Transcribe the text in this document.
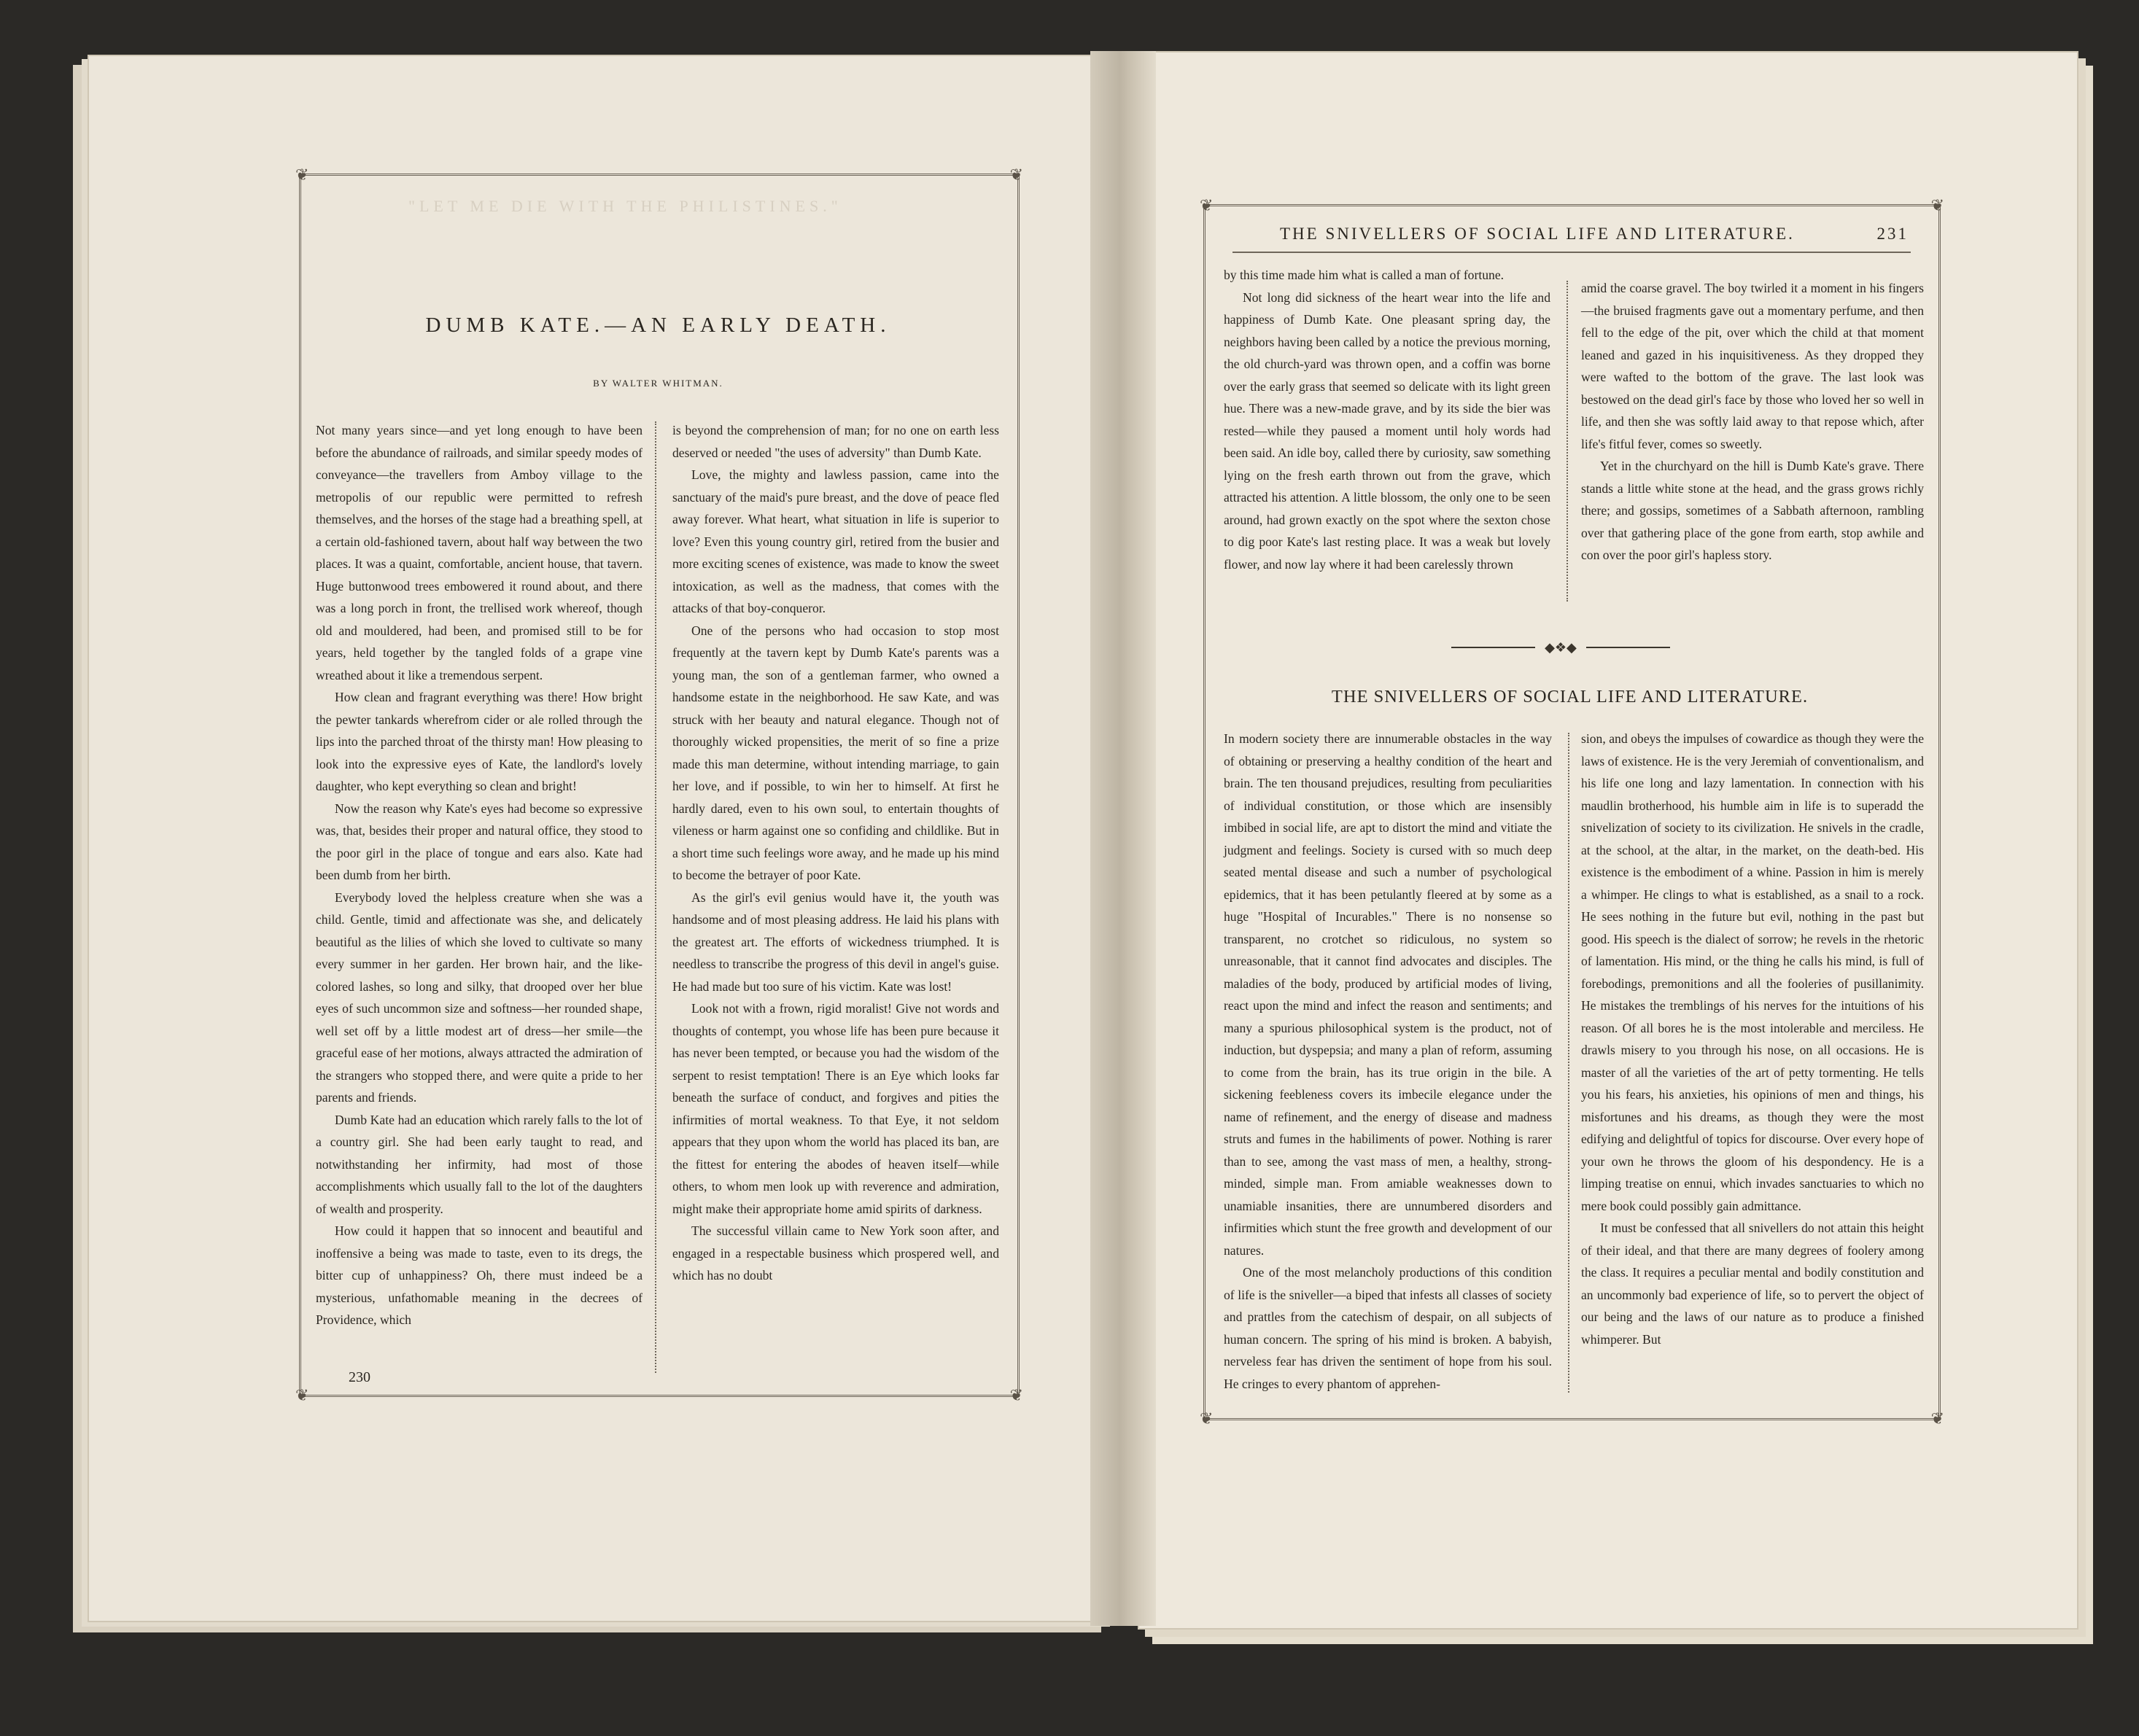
"LET ME DIE WITH THE PHILISTINES."
❦	❦
❦	❦
DUMB KATE.—AN EARLY DEATH.
BY WALTER WHITMAN.

Not many years since—and yet long enough to have been before the abundance of railroads, and similar speedy modes of conveyance—the travellers from Amboy village to the metropolis of our republic were permitted to refresh themselves, and the horses of the stage had a breathing spell, at a certain old-fashioned tavern, about half way between the two places. It was a quaint, comfortable, ancient house, that tavern. Huge buttonwood trees embowered it round about, and there was a long porch in front, the trellised work whereof, though old and mouldered, had been, and promised still to be for years, held together by the tangled folds of a grape vine wreathed about it like a tremendous serpent.

How clean and fragrant everything was there! How bright the pewter tankards wherefrom cider or ale rolled through the lips into the parched throat of the thirsty man! How pleasing to look into the expressive eyes of Kate, the landlord's lovely daughter, who kept everything so clean and bright!

Now the reason why Kate's eyes had become so expressive was, that, besides their proper and natural office, they stood to the poor girl in the place of tongue and ears also. Kate had been dumb from her birth.

Everybody loved the helpless creature when she was a child. Gentle, timid and affectionate was she, and delicately beautiful as the lilies of which she loved to cultivate so many every summer in her garden. Her brown hair, and the like-colored lashes, so long and silky, that drooped over her blue eyes of such uncommon size and softness—her rounded shape, well set off by a little modest art of dress—her smile—the graceful ease of her motions, always attracted the admiration of the strangers who stopped there, and were quite a pride to her parents and friends.

Dumb Kate had an education which rarely falls to the lot of a country girl. She had been early taught to read, and notwithstanding her infirmity, had most of those accomplishments which usually fall to the lot of the daughters of wealth and prosperity.

How could it happen that so innocent and beautiful and inoffensive a being was made to taste, even to its dregs, the bitter cup of unhappiness? Oh, there must indeed be a mysterious, unfathomable meaning in the decrees of Providence, which

is beyond the comprehension of man; for no one on earth less deserved or needed "the uses of adversity" than Dumb Kate.

Love, the mighty and lawless passion, came into the sanctuary of the maid's pure breast, and the dove of peace fled away forever. What heart, what situation in life is superior to love? Even this young country girl, retired from the busier and more exciting scenes of existence, was made to know the sweet intoxication, as well as the madness, that comes with the attacks of that boy-conqueror.

One of the persons who had occasion to stop most frequently at the tavern kept by Dumb Kate's parents was a young man, the son of a gentleman farmer, who owned a handsome estate in the neighborhood. He saw Kate, and was struck with her beauty and natural elegance. Though not of thoroughly wicked propensities, the merit of so fine a prize made this man determine, without intending marriage, to gain her love, and if possible, to win her to himself. At first he hardly dared, even to his own soul, to entertain thoughts of vileness or harm against one so confiding and childlike. But in a short time such feelings wore away, and he made up his mind to become the betrayer of poor Kate.

As the girl's evil genius would have it, the youth was handsome and of most pleasing address. He laid his plans with the greatest art. The efforts of wickedness triumphed. It is needless to transcribe the progress of this devil in angel's guise. He had made but too sure of his victim. Kate was lost!

Look not with a frown, rigid moralist! Give not words and thoughts of contempt, you whose life has been pure because it has never been tempted, or because you had the wisdom of the serpent to resist temptation! There is an Eye which looks far beneath the surface of conduct, and forgives and pities the infirmities of mortal weakness. To that Eye, it not seldom appears that they upon whom the world has placed its ban, are the fittest for entering the abodes of heaven itself—while others, to whom men look up with reverence and admiration, might make their appropriate home amid spirits of darkness.

The successful villain came to New York soon after, and engaged in a respectable business which prospered well, and which has no doubt

230
❦	❦
❦	❦
THE SNIVELLERS OF SOCIAL LIFE AND LITERATURE.	231

by this time made him what is called a man of fortune.

Not long did sickness of the heart wear into the life and happiness of Dumb Kate. One pleasant spring day, the neighbors having been called by a notice the previous morning, the old church-yard was thrown open, and a coffin was borne over the early grass that seemed so delicate with its light green hue. There was a new-made grave, and by its side the bier was rested—while they paused a moment until holy words had been said. An idle boy, called there by curiosity, saw something lying on the fresh earth thrown out from the grave, which attracted his attention. A little blossom, the only one to be seen around, had grown exactly on the spot where the sexton chose to dig poor Kate's last resting place. It was a weak but lovely flower, and now lay where it had been carelessly thrown

amid the coarse gravel. The boy twirled it a moment in his fingers—the bruised fragments gave out a momentary perfume, and then fell to the edge of the pit, over which the child at that moment leaned and gazed in his inquisitiveness. As they dropped they were wafted to the bottom of the grave. The last look was bestowed on the dead girl's face by those who loved her so well in life, and then she was softly laid away to that repose which, after life's fitful fever, comes so sweetly.

Yet in the churchyard on the hill is Dumb Kate's grave. There stands a little white stone at the head, and the grass grows richly there; and gossips, sometimes of a Sabbath afternoon, rambling over that gathering place of the gone from earth, stop awhile and con over the poor girl's hapless story.

◆❖◆
THE SNIVELLERS OF SOCIAL LIFE AND LITERATURE.

In modern society there are innumerable obstacles in the way of obtaining or preserving a healthy condition of the heart and brain. The ten thousand prejudices, resulting from peculiarities of individual constitution, or those which are insensibly imbibed in social life, are apt to distort the mind and vitiate the judgment and feelings. Society is cursed with so much deep seated mental disease and such a number of psychological epidemics, that it has been petulantly fleered at by some as a huge "Hospital of Incurables." There is no nonsense so transparent, no crotchet so ridiculous, no system so unreasonable, that it cannot find advocates and disciples. The maladies of the body, produced by artificial modes of living, react upon the mind and infect the reason and sentiments; and many a spurious philosophical system is the product, not of induction, but dyspepsia; and many a plan of reform, assuming to come from the brain, has its true origin in the bile. A sickening feebleness covers its imbecile elegance under the name of refinement, and the energy of disease and madness struts and fumes in the habiliments of power. Nothing is rarer than to see, among the vast mass of men, a healthy, strong-minded, simple man. From amiable weaknesses down to unamiable insanities, there are unnumbered disorders and infirmities which stunt the free growth and development of our natures.

One of the most melancholy productions of this condition of life is the sniveller—a biped that infests all classes of society and prattles from the catechism of despair, on all subjects of human concern. The spring of his mind is broken. A babyish, nerveless fear has driven the sentiment of hope from his soul. He cringes to every phantom of apprehen-

sion, and obeys the impulses of cowardice as though they were the laws of existence. He is the very Jeremiah of conventionalism, and his life one long and lazy lamentation. In connection with his maudlin brotherhood, his humble aim in life is to superadd the snivelization of society to its civilization. He snivels in the cradle, at the school, at the altar, in the market, on the death-bed. His existence is the embodiment of a whine. Passion in him is merely a whimper. He clings to what is established, as a snail to a rock. He sees nothing in the future but evil, nothing in the past but good. His speech is the dialect of sorrow; he revels in the rhetoric of lamentation. His mind, or the thing he calls his mind, is full of forebodings, premonitions and all the fooleries of pusillanimity. He mistakes the tremblings of his nerves for the intuitions of his reason. Of all bores he is the most intolerable and merciless. He drawls misery to you through his nose, on all occasions. He is master of all the varieties of the art of petty tormenting. He tells you his fears, his anxieties, his opinions of men and things, his misfortunes and his dreams, as though they were the most edifying and delightful of topics for discourse. Over every hope of your own he throws the gloom of his despondency. He is a limping treatise on ennui, which invades sanctuaries to which no mere book could possibly gain admittance.

It must be confessed that all snivellers do not attain this height of their ideal, and that there are many degrees of foolery among the class. It requires a peculiar mental and bodily constitution and an uncommonly bad experience of life, so to pervert the object of our being and the laws of our nature as to produce a finished whimperer. But
